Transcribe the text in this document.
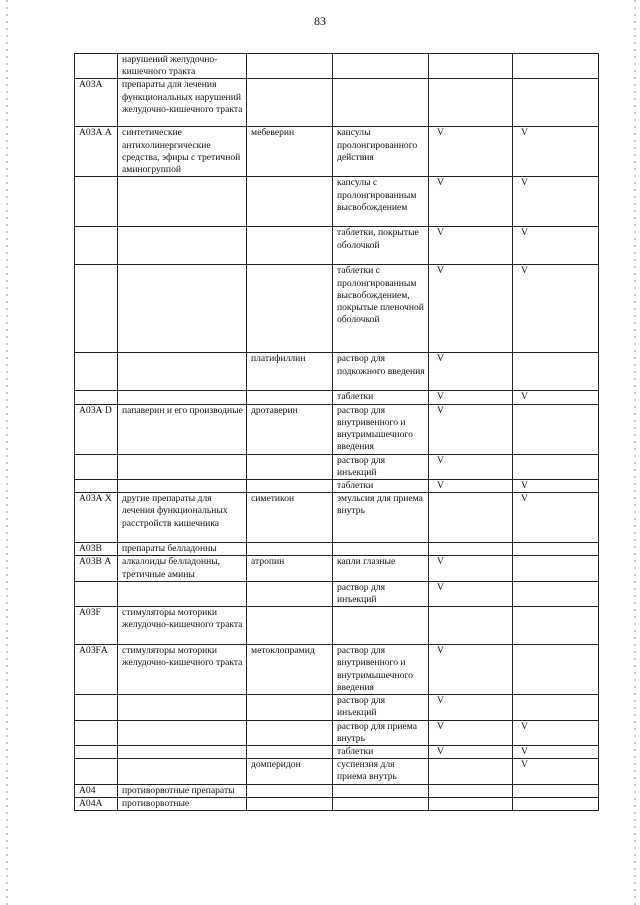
83
	нарушений желудочно-кишечного тракта				
А03А	препараты для лечения функциональных нарушений желудочно-кишечного тракта				
А03А А	синтетические антихолинергические средства, эфиры с третичной аминогруппой	мебеверин	капсулы пролонгированного действия	V	V
			капсулы с пролонгированным высвобождением	V	V
			таблетки, покрытые оболочкой	V	V
			таблетки с пролонгированным высвобождением, покрытые пленочной оболочкой	V	V
		платифиллин	раствор для подкожного введения	V	
			таблетки	V	V
А03А D	папаверин и его производные	дротаверин	раствор для внутривенного и внутримышечного введения	V	
			раствор для инъекций	V	
			таблетки	V	V
А03А Х	другие препараты для лечения функциональных расстройств кишечника	симетикон	эмульсия для приема внутрь		V
А03В	препараты белладонны				
А03В А	алкалоиды белладонны, третичные амины	атропин	капли глазные	V	
			раствор для инъекций	V	
А03F	стимуляторы моторики желудочно-кишечного тракта				
А03FА	стимуляторы моторики желудочно-кишечного тракта	метоклопрамид	раствор для внутривенного и внутримышечного введения	V	
			раствор для инъекций	V	
			раствор для приема внутрь	V	V
			таблетки	V	V
		домперидон	суспензия для приема внутрь		V
А04	противорвотные препараты				
А04А	противорвотные				
